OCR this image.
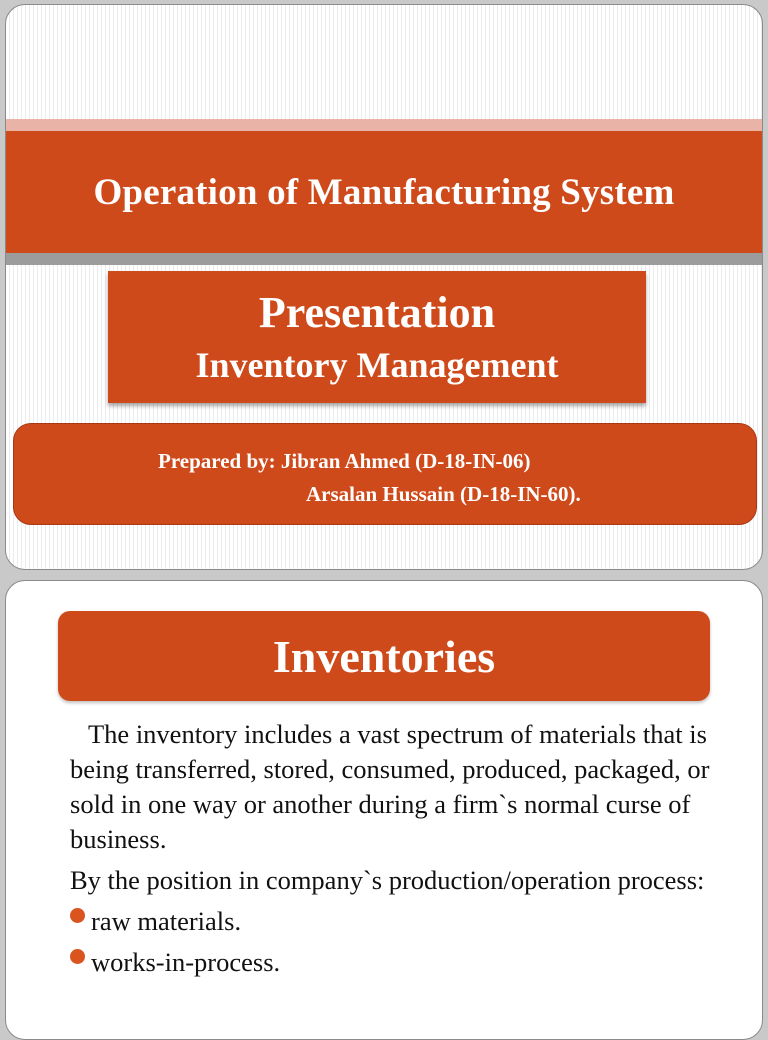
Operation of Manufacturing System
Presentation
Inventory Management
Prepared by: Jibran Ahmed (D-18-IN-06)
Arsalan Hussain (D-18-IN-60).
Inventories

The inventory includes a vast spectrum of materials that is being transferred, stored, consumed, produced, packaged, or sold in one way or another during a firm`s normal curse of business.

By the position in company`s production/operation process:

raw materials.
works-in-process.
